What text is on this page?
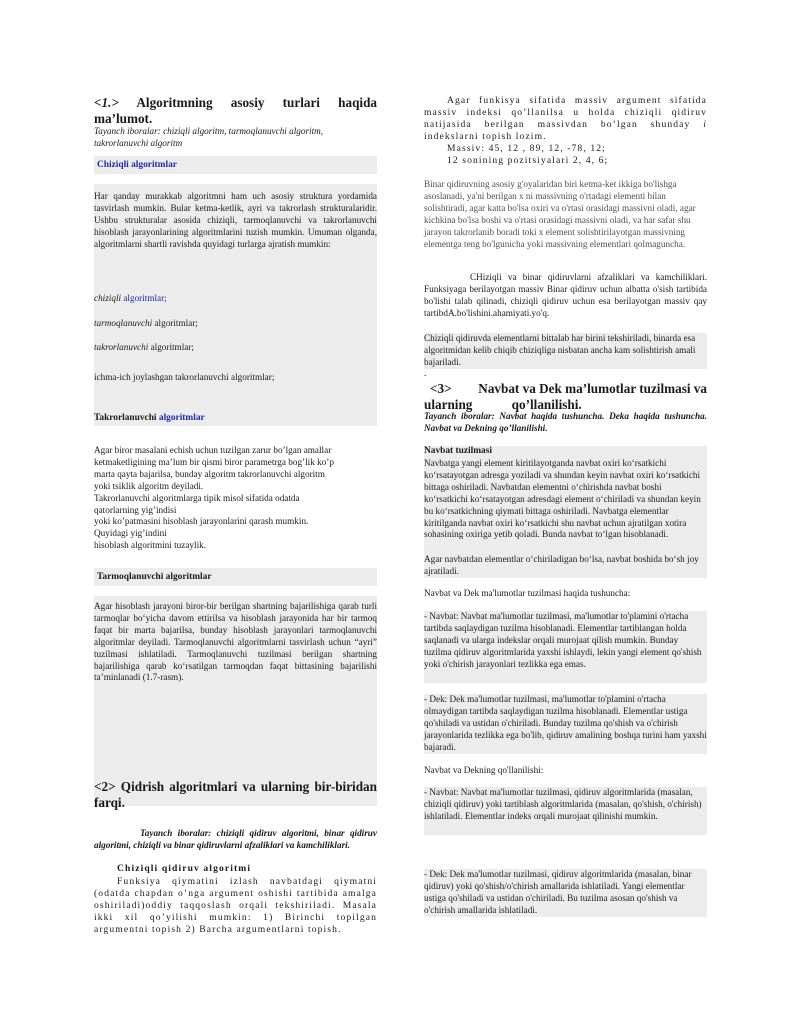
<1.> Algoritmning asosiy turlari haqida ma’lumot.
Tayanch iboralar: chiziqli algoritm, tarmoqlanuvchi algoritm, takrorlanuvchi algoritm
Chiziqli algoritmlar

Har qanday murakkab algoritmni ham uch asosiy struktura yordamida tasvirlash mumkin. Bular ketma-ketlik, ayri va takrorlash strukturalaridir. Ushbu strukturalar asosida chiziqli, tarmoqlanuvchi va takrorlanuvchi hisoblash jarayonlarining algoritmlarini tuzish mumkin. Umuman olganda, algoritmlarni shartli ravishda quyidagi turlarga ajratish mumkin:

chiziqli algoritmlar;

tarmoqlanuvchi algoritmlar;

takrorlanuvchi algoritmlar;

ichma-ich joylashgan takrorlanuvchi algoritmlar;

Takrorlanuvchi algoritmlar

Agar biror masalani echish uchun tuzilgan zarur bo’lgan amallar
ketmaketligining ma’lum bir qismi biror parametrga bog’lik ko’p
marta qayta bajarilsa, bunday algoritm takrorlanuvchi algoritm
yoki tsiklik algoritm deyiladi.
Takrorlanuvchi algoritmlarga tipik misol sifatida odatda
qatorlarning yig’indisi
yoki ko’patmasini hisoblash jarayonlarini qarash mumkin.
Quyidagi yig’indini
hisoblash algoritmini tuzaylik.
Tarmoqlanuvchi algoritmlar

Agar hisoblash jarayoni biror-bir berilgan shartning bajarilishiga qarab turli tarmoqlar bo‘yicha davom ettirilsa va hisoblash jarayonida har bir tarmoq faqat bir marta bajarilsa, bunday hisoblash jarayonlari tarmoqlanuvchi algoritmlar deyiladi. Tarmoqlanuvchi algoritmlarni tasvirlash uchun “ayri” tuzilmasi ishlatiladi. Tarmoqlanuvchi tuzilmasi berilgan shartning bajarilishiga qarab ko‘rsatilgan tarmoqdan faqat bittasining bajarilishi ta’minlanadi (1.7-rasm).

<2> Qidrish algoritmlari va ularning bir-biridan farqi.

Tayanch iboralar: chiziqli qidiruv algoritmi, binar qidiruv algoritmi, chiziqli va binar qidiruvlarni afzaliklari va kamchiliklari.
Chiziqli qidiruv algoritmi
Funksiya qiymatini izlash navbatdagi qiymatni (odatda chapdan o’nga argument oshishi tartibida amalga oshiriladi)oddiy taqqoslash orqali tekshiriladi. Masala ikki xil qo’yilishi mumkin: 1) Birinchi topilgan argumentni topish 2) Barcha argumentlarni topish.
Agar funkisya sifatida massiv argument sifatida massiv indeksi qo’llanilsa u holda chiziqli qidiruv natijasida berilgan massivdan bo’lgan shunday i indekslarni topish lozim.
Massiv: 45, 12 , 89, 12, -78, 12;
12 sonining pozitsiyalari 2, 4, 6;
Binar qidiruvning asosiy g'oyalaridan biri ketma-ket ikkiga bo'lishga asoslanadi, ya'ni berilgan x ni massivning o'rtadagi elementi bilan solishtiradi, agar katta bo'lsa oxiri va o'rtasi orasidagi massivni oladi, agar kichkina bo'lsa boshi va o'rtasi orasidagi massivni oladi, va har safar shu jarayon takrorlanib boradi toki x element solishtirilayotgan massivning elementga teng bo'lgunicha yoki massivning elementlari qolmaguncha.
CHiziqli va binar qidiruvlarni afzaliklari va kamchiliklari. Funksiyaga berilayotgan massiv Binar qidiruv uchun albatta o'sish tartibida bo'lishi talab qilinadi, chiziqli qidiruv uchun esa berilayotgan massiv qay tartibdA.bo'lishini.ahamiyati.yo'q.
Chiziqli qidiruvda elementlarni bittalab har birini tekshiriladi, binarda esa algoritmidan kelib chiqib chiziqliga nisbatan ancha kam solishtirish amali bajariladi.
.
<3> Navbat va Dek ma’lumotlar tuzilmasi va
ularning qo’llanilishi.
Tayanch iboralar: Navbat haqida tushuncha. Deka haqida tushuncha. Navbat va Dekning qo’llanilishi.

Navbat tuzilmasi

Navbatga yangi element kiritilayotganda navbat oxiri ko‘rsatkichi ko‘rsatayotgan adresga yoziladi va shundan keyin navbat oxiri ko‘rsatkichi bittaga oshiriladi. Navbatdan elementni o‘chirishda navbat boshi ko‘rsatkichi ko‘rsatayotgan adresdagi element o‘chiriladi va shundan keyin bu ko‘rsatkichning qiymati bittaga oshiriladi. Navbatga elementlar kiritilganda navbat oxiri ko‘rsatkichi shu navbat uchun ajratilgan xotira sohasining oxiriga yetib qoladi. Bunda navbat to‘lgan hisoblanadi.

Agar navbatdan elementlar o‘chiriladigan bo‘lsa, navbat boshida bo‘sh joy ajratiladi.

Navbat va Dek ma'lumotlar tuzilmasi haqida tushuncha:
- Navbat: Navbat ma'lumotlar tuzilmasi, ma'lumotlar to'plamini o'rtacha tartibda saqlaydigan tuzilma hisoblanadi. Elementlar tartiblangan holda saqlanadi va ularga indekslar orqali murojaat qilish mumkin. Bunday tuzilma qidiruv algoritmlarida yaxshi ishlaydi, lekin yangi element qo'shish yoki o'chirish jarayonlari tezlikka ega emas.
- Dek: Dek ma'lumotlar tuzilmasi, ma'lumotlar to'plamini o'rtacha olmaydigan tartibda saqlaydigan tuzilma hisoblanadi. Elementlar ustiga qo'shiladi va ustidan o'chiriladi. Bunday tuzilma qo'shish va o'chirish jarayonlarida tezlikka ega bo'lib, qidiruv amalining boshqa turini ham yaxshi bajaradi.
Navbat va Dekning qo'llanilishi:
- Navbat: Navbat ma'lumotlar tuzilmasi, qidiruv algoritmlarida (masalan, chiziqli qidiruv) yoki tartiblash algoritmlarida (masalan, qo'shish, o'chirish) ishlatiladi. Elementlar indeks orqali murojaat qilinishi mumkin.
- Dek: Dek ma'lumotlar tuzilmasi, qidiruv algoritmlarida (masalan, binar qidiruv) yoki qo'shish/o'chirish amallarida ishlatiladi. Yangi elementlar ustiga qo'shiladi va ustidan o'chiriladi. Bu tuzilma asosan qo'shish va o'chirish amallarida ishlatiladi.
